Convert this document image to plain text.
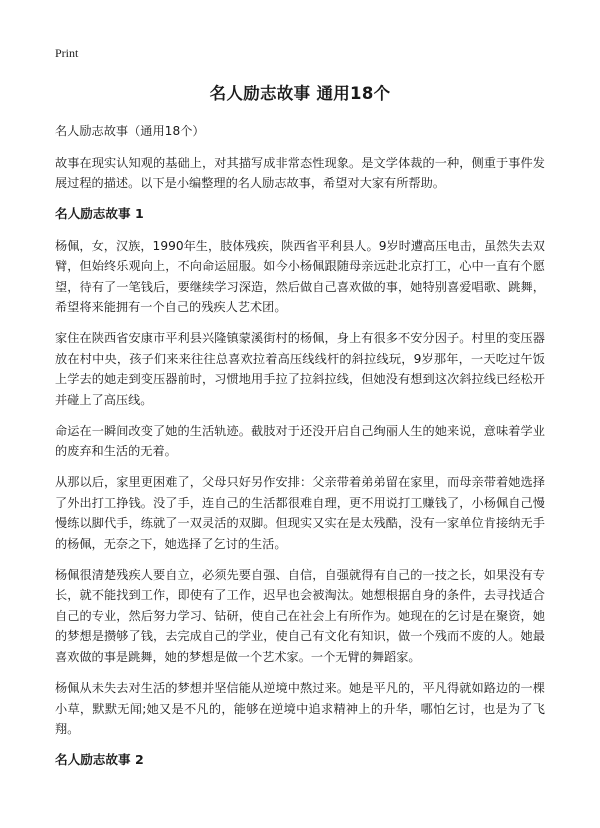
Print
名人励志故事 通用18个

名人励志故事（通用18个）

故事在现实认知观的基础上，对其描写成非常态性现象。是文学体裁的一种，侧重于事件发展过程的描述。以下是小编整理的名人励志故事，希望对大家有所帮助。

名人励志故事 1

杨佩，女，汉族，1990年生，肢体残疾，陕西省平利县人。9岁时遭高压电击，虽然失去双臂，但始终乐观向上，不向命运屈服。如今小杨佩跟随母亲远赴北京打工，心中一直有个愿望，待有了一笔钱后，要继续学习深造，然后做自己喜欢做的事，她特别喜爱唱歌、跳舞，希望将来能拥有一个自己的残疾人艺术团。

家住在陕西省安康市平利县兴隆镇蒙溪街村的杨佩，身上有很多不安分因子。村里的变压器放在村中央，孩子们来来往往总喜欢拉着高压线线杆的斜拉线玩，9岁那年，一天吃过午饭上学去的她走到变压器前时，习惯地用手拉了拉斜拉线，但她没有想到这次斜拉线已经松开并碰上了高压线。

命运在一瞬间改变了她的生活轨迹。截肢对于还没开启自己绚丽人生的她来说，意味着学业的废弃和生活的无着。

从那以后，家里更困难了，父母只好另作安排：父亲带着弟弟留在家里，而母亲带着她选择了外出打工挣钱。没了手，连自己的生活都很难自理，更不用说打工赚钱了，小杨佩自己慢慢练以脚代手，练就了一双灵活的双脚。但现实又实在是太残酷，没有一家单位肯接纳无手的杨佩，无奈之下，她选择了乞讨的生活。

杨佩很清楚残疾人要自立，必须先要自强、自信，自强就得有自己的一技之长，如果没有专长，就不能找到工作，即使有了工作，迟早也会被淘汰。她想根据自身的条件，去寻找适合自己的专业，然后努力学习、钻研，使自己在社会上有所作为。她现在的乞讨是在聚资，她的梦想是攒够了钱，去完成自己的学业，使自己有文化有知识，做一个残而不废的人。她最喜欢做的事是跳舞，她的梦想是做一个艺术家。一个无臂的舞蹈家。

杨佩从未失去对生活的梦想并坚信能从逆境中熬过来。她是平凡的，平凡得就如路边的一棵小草，默默无闻;她又是不凡的，能够在逆境中追求精神上的升华，哪怕乞讨，也是为了飞翔。

名人励志故事 2
